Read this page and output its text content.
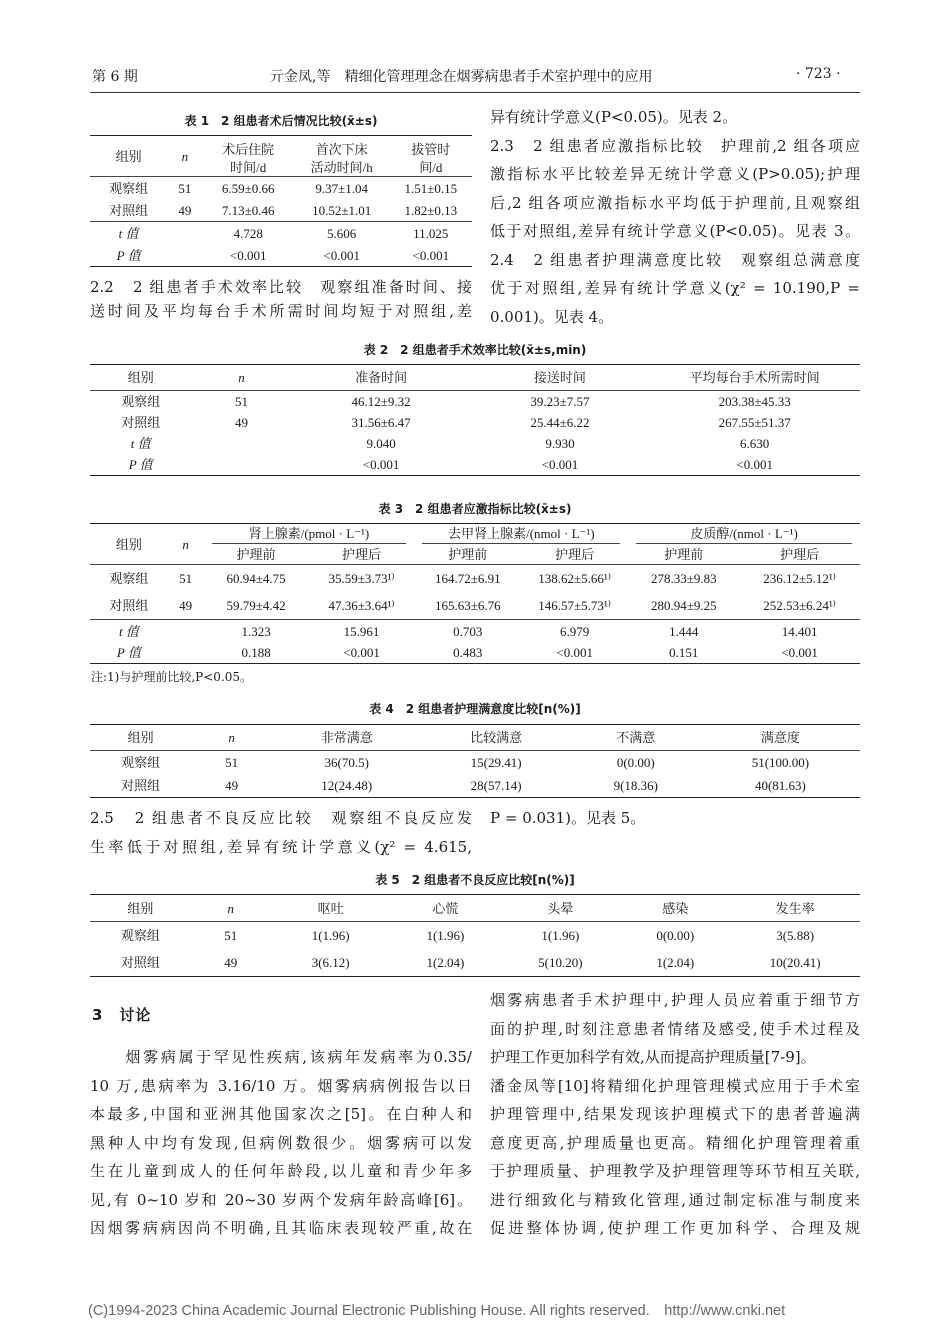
第 6 期	亓金凤,等　精细化管理理念在烟雾病患者手术室护理中的应用	· 723 ·
表 1　2 组患者术后情况比较(x̄±s)
组别	n	术后住院	首次下床	拔管时
		时间/d	活动时间/h	间/d
观察组	51	6.59±0.66	9.37±1.04	1.51±0.15
对照组	49	7.13±0.46	10.52±1.01	1.82±0.13
t 值		4.728	5.606	11.025
P 值		<0.001	<0.001	<0.001
2.2　2 组患者手术效率比较　观察组准备时间、接
送时间及平均每台手术所需时间均短于对照组,差
异有统计学意义(P<0.05)。见表 2。
2.3　2 组患者应激指标比较　护理前,2 组各项应
激指标水平比较差异无统计学意义(P>0.05);护理
后,2 组各项应激指标水平均低于护理前,且观察组
低于对照组,差异有统计学意义(P<0.05)。见表 3。
2.4　2 组患者护理满意度比较　观察组总满意度
优于对照组,差异有统计学意义(χ² = 10.190,P =
0.001)。见表 4。
表 2　2 组患者手术效率比较(x̄±s,min)
组别	n	准备时间	接送时间	平均每台手术所需时间
观察组	51	46.12±9.32	39.23±7.57	203.38±45.33
对照组	49	31.56±6.47	25.44±6.22	267.55±51.37
t 值		9.040	9.930	6.630
P 值		<0.001	<0.001	<0.001
表 3　2 组患者应激指标比较(x̄±s)
组别	n	肾上腺素/(pmol · L⁻¹)		去甲肾上腺素/(nmol · L⁻¹)		皮质醇/(nmol · L⁻¹)	

		护理前	护理后	护理前	护理后	护理前	护理后
观察组	51	60.94±4.75	35.59±3.73¹⁾	164.72±6.91	138.62±5.66¹⁾	278.33±9.83	236.12±5.12¹⁾
对照组	49	59.79±4.42	47.36±3.64¹⁾	165.63±6.76	146.57±5.73¹⁾	280.94±9.25	252.53±6.24¹⁾
t 值		1.323	15.961	0.703	6.979	1.444	14.401
P 值		0.188	<0.001	0.483	<0.001	0.151	<0.001
注:1)与护理前比较,P<0.05。
表 4　2 组患者护理满意度比较[n(%)]
组别	n	非常满意	比较满意	不满意	满意度
观察组	51	36(70.5)	15(29.41)	0(0.00)	51(100.00)
对照组	49	12(24.48)	28(57.14)	9(18.36)	40(81.63)
2.5　2 组患者不良反应比较　观察组不良反应发
生率低于对照组,差异有统计学意义(χ² = 4.615,
P = 0.031)。见表 5。
表 5　2 组患者不良反应比较[n(%)]
组别	n	呕吐	心慌	头晕	感染	发生率
观察组	51	1(1.96)	1(1.96)	1(1.96)	0(0.00)	3(5.88)
对照组	49	3(6.12)	1(2.04)	5(10.20)	1(2.04)	10(20.41)
3　讨论
　　烟雾病属于罕见性疾病,该病年发病率为0.35/
10 万,患病率为 3.16/10 万。烟雾病病例报告以日
本最多,中国和亚洲其他国家次之[5]。在白种人和
黑种人中均有发现,但病例数很少。烟雾病可以发
生在儿童到成人的任何年龄段,以儿童和青少年多
见,有 0~10 岁和 20~30 岁两个发病年龄高峰[6]。
因烟雾病病因尚不明确,且其临床表现较严重,故在
烟雾病患者手术护理中,护理人员应着重于细节方
面的护理,时刻注意患者情绪及感受,使手术过程及
护理工作更加科学有效,从而提高护理质量[7-9]。
潘金凤等[10]将精细化护理管理模式应用于手术室
护理管理中,结果发现该护理模式下的患者普遍满
意度更高,护理质量也更高。精细化护理管理着重
于护理质量、护理教学及护理管理等环节相互关联,
进行细致化与精致化管理,通过制定标准与制度来
促进整体协调,使护理工作更加科学、合理及规
(C)1994-2023 China Academic Journal Electronic Publishing House. All rights reserved.　http://www.cnki.net
